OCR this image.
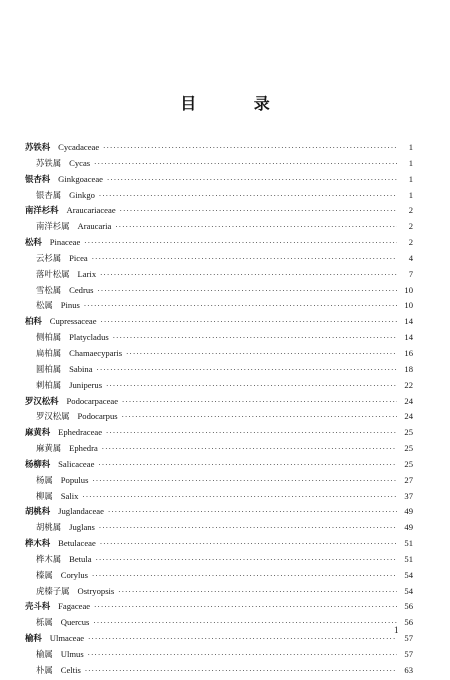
目 录
苏铁科 Cycadaceae ·····	1
苏铁属 Cycas ·····	1
银杏科 Ginkgoaceae ·····	1
银杏属 Ginkgo ·····	1
南洋杉科 Araucariaceae ·····	2
南洋杉属 Araucaria ·····	2
松科 Pinaceae ·····	2
云杉属 Picea ·····	4
落叶松属 Larix ·····	7
雪松属 Cedrus ·····	10
松属 Pinus ·····	10
柏科 Cupressaceae ·····	14
侧柏属 Platycladus ·····	14
扁柏属 Chamaecyparis ·····	16
圆柏属 Sabina ·····	18
刺柏属 Juniperus ·····	22
罗汉松科 Podocarpaceae ·····	24
罗汉松属 Podocarpus ·····	24
麻黄科 Ephedraceae ·····	25
麻黄属 Ephedra ·····	25
杨柳科 Salicaceae ·····	25
杨属 Populus ·····	27
柳属 Salix ·····	37
胡桃科 Juglandaceae ·····	49
胡桃属 Juglans ·····	49
桦木科 Betulaceae ·····	51
桦木属 Betula ·····	51
榛属 Corylus ·····	54
虎榛子属 Ostryopsis ·····	54
壳斗科 Fagaceae ·····	56
栎属 Quercus ·····	56
榆科 Ulmaceae ·····	57
榆属 Ulmus ·····	57
朴属 Celtis ·····	63
1
